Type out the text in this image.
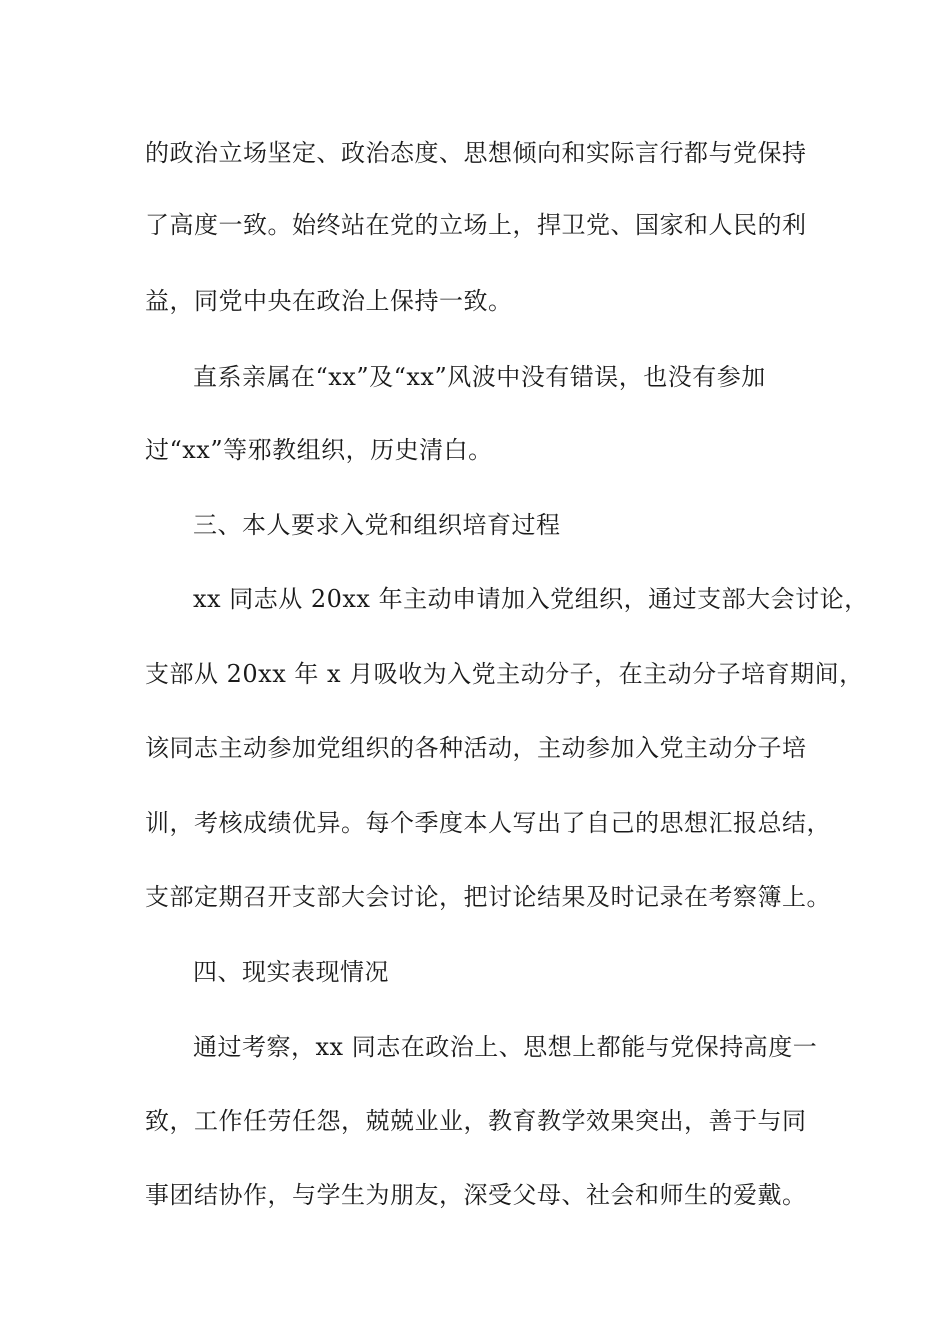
的政治立场坚定、政治态度、思想倾向和实际言行都与党保持
了高度一致。始终站在党的立场上，捍卫党、国家和人民的利
益，同党中央在政治上保持一致。
直系亲属在“xx”及“xx”风波中没有错误，也没有参加
过“xx”等邪教组织，历史清白。
三、本人要求入党和组织培育过程
xx 同志从 20xx 年主动申请加入党组织，通过支部大会讨论，
支部从 20xx 年 x 月吸收为入党主动分子，在主动分子培育期间，
该同志主动参加党组织的各种活动，主动参加入党主动分子培
训，考核成绩优异。每个季度本人写出了自己的思想汇报总结，
支部定期召开支部大会讨论，把讨论结果及时记录在考察簿上。
四、现实表现情况
通过考察，xx 同志在政治上、思想上都能与党保持高度一
致，工作任劳任怨，兢兢业业，教育教学效果突出，善于与同
事团结协作，与学生为朋友，深受父母、社会和师生的爱戴。
